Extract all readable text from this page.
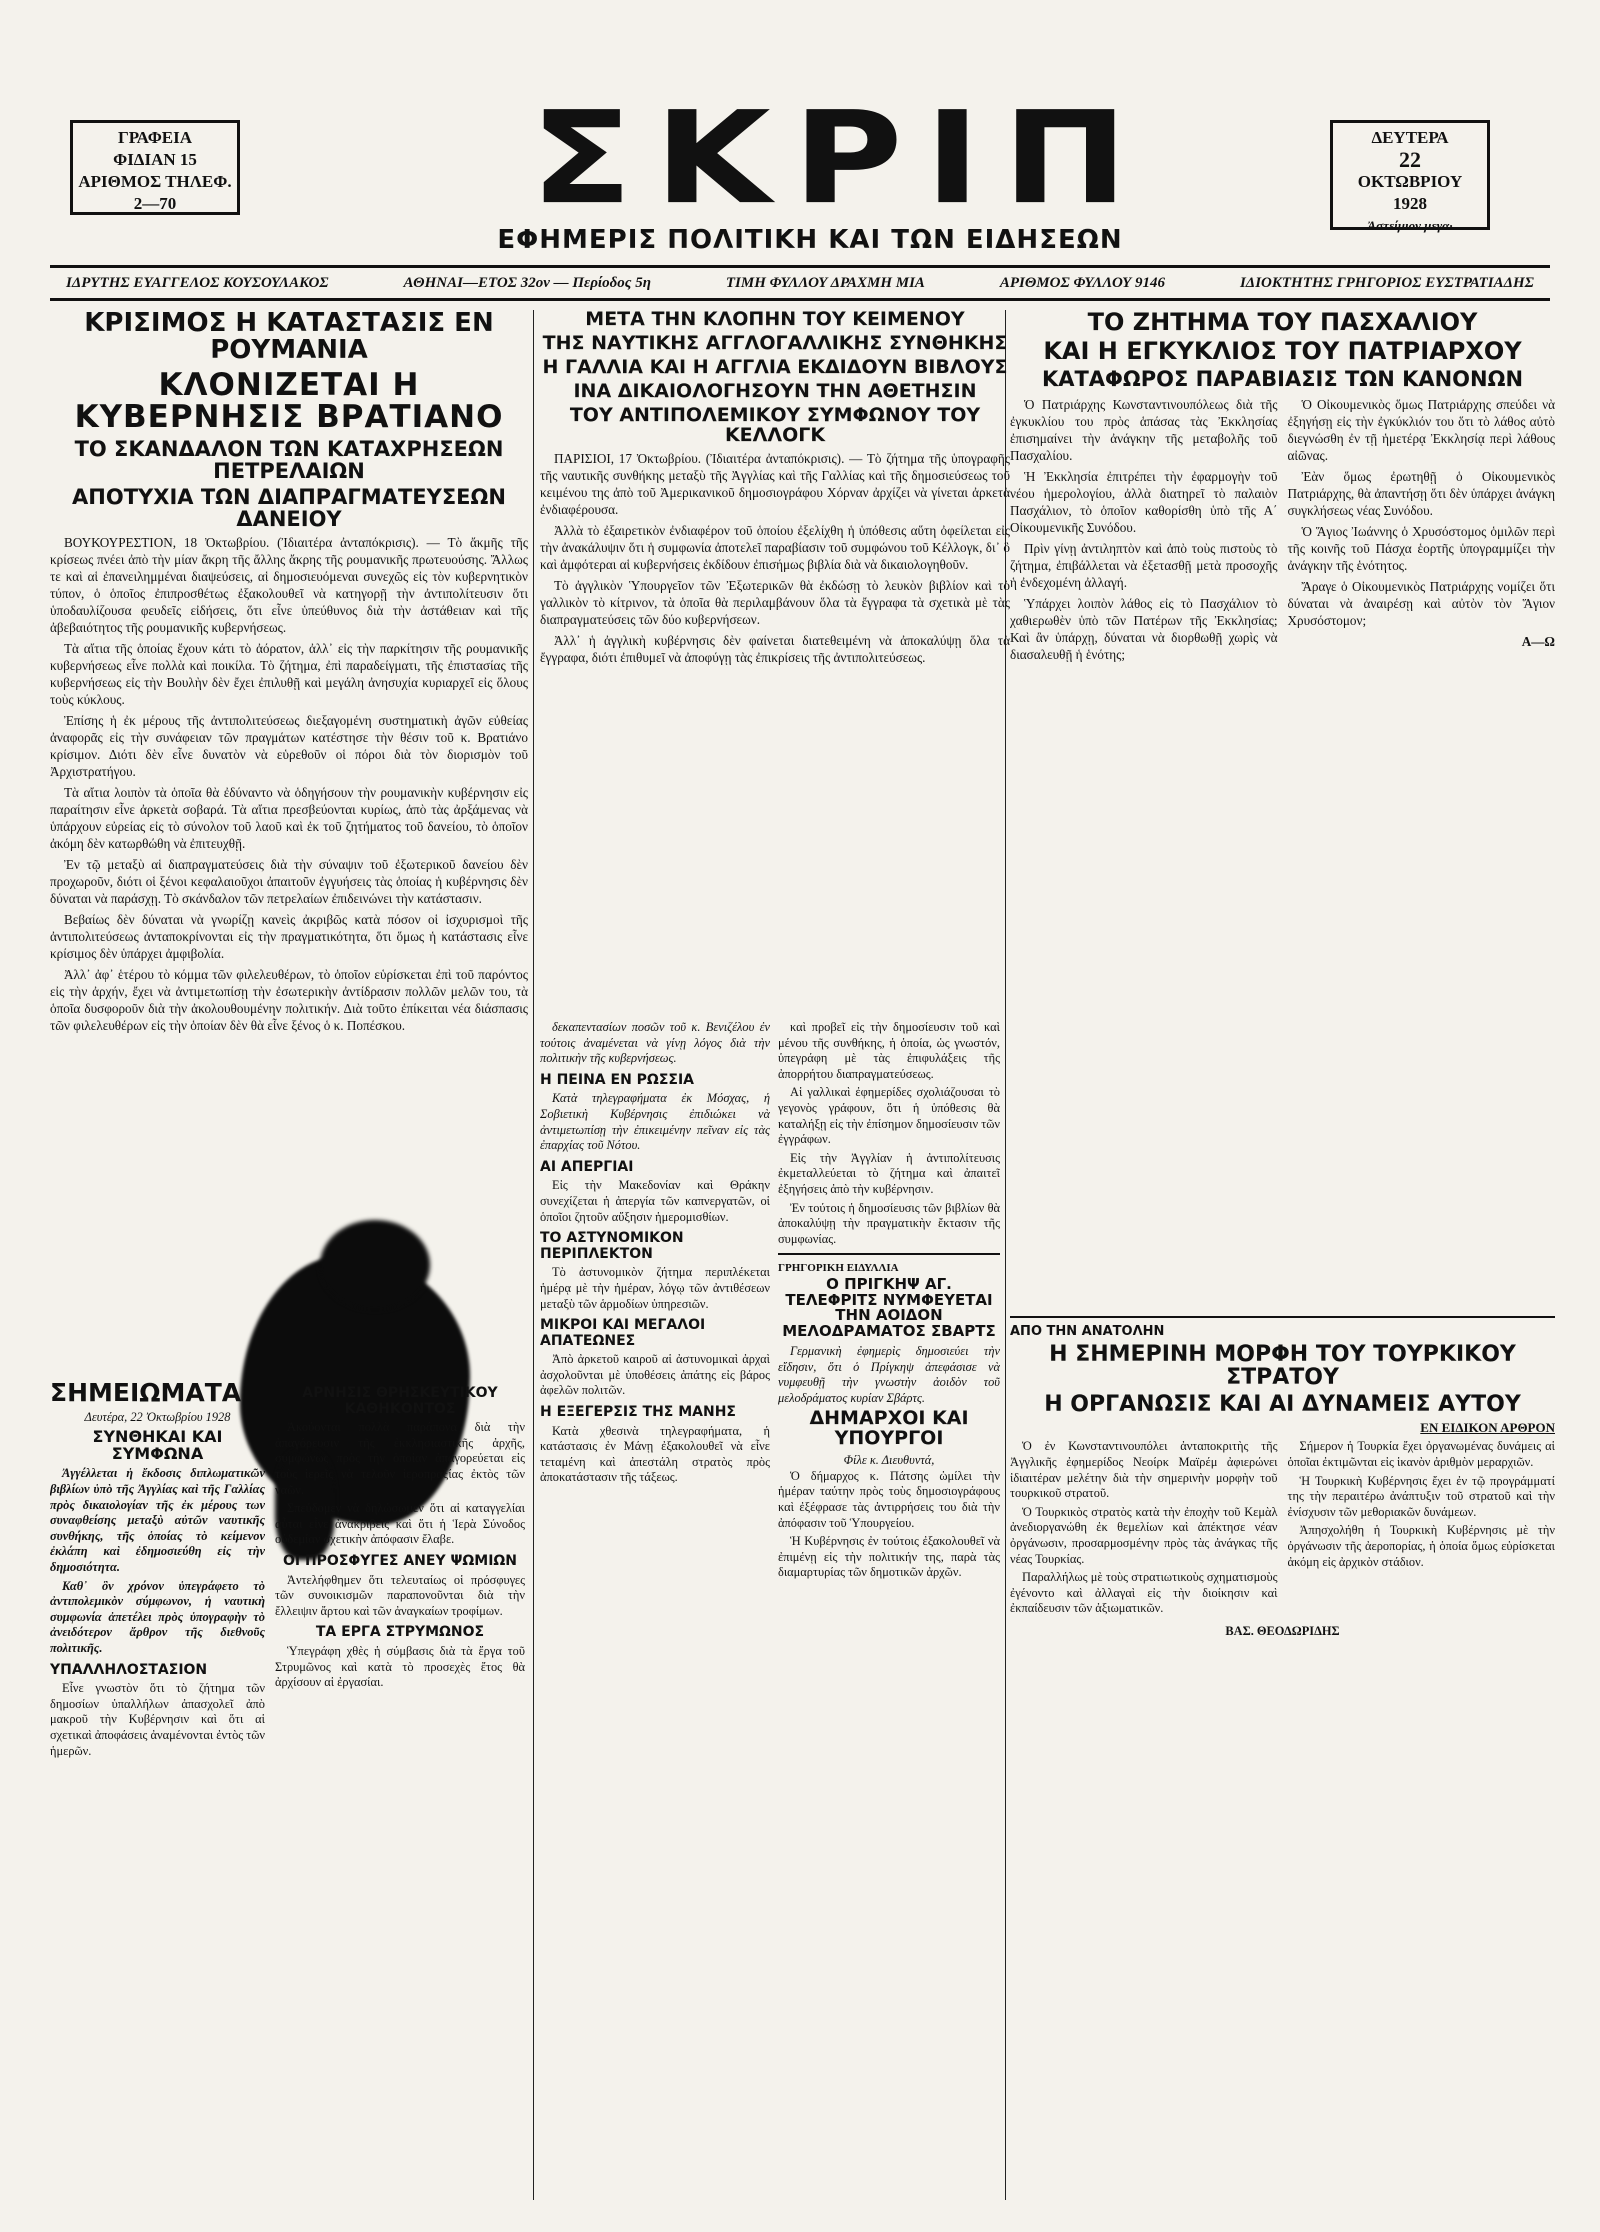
ΓΡΑΦΕΙΑ
ΦΙΔΙΑΝ 15
ΑΡΙΘΜΟΣ ΤΗΛΕΦ.
2—70	ΣΚΡΙΠ
ΕΦΗΜΕΡΙΣ ΠΟΛΙΤΙΚΗ ΚΑΙ ΤΩΝ ΕΙΔΗΣΕΩΝ
ΔΕΥΤΕΡΑ
22
ΟΚΤΩΒΡΙΟΥ
1928
Ἀστείμιον μεγα·
ΙΔΡΥΤΗΣ ΕΥΑΓΓΕΛΟΣ ΚΟΥΣΟΥΛΑΚΟΣ	ΑΘΗΝΑΙ—ΕΤΟΣ 32ον — Περίοδος 5η	ΤΙΜΗ ΦΥΛΛΟΥ ΔΡΑΧΜΗ ΜΙΑ	ΑΡΙΘΜΟΣ ΦΥΛΛΟΥ 9146	ΙΔΙΟΚΤΗΤΗΣ ΓΡΗΓΟΡΙΟΣ ΕΥΣΤΡΑΤΙΑΔΗΣ
ΚΡΙΣΙΜΟΣ Η ΚΑΤΑΣΤΑΣΙΣ ΕΝ ΡΟΥΜΑΝΙΑ
ΚΛΟΝΙΖΕΤΑΙ Η ΚΥΒΕΡΝΗΣΙΣ ΒΡΑΤΙΑΝΟ
ΤΟ ΣΚΑΝΔΑΛΟΝ ΤΩΝ ΚΑΤΑΧΡΗΣΕΩΝ ΠΕΤΡΕΛΑΙΩΝ
ΑΠΟΤΥΧΙΑ ΤΩΝ ΔΙΑΠΡΑΓΜΑΤΕΥΣΕΩΝ ΔΑΝΕΙΟΥ

ΒΟΥΚΟΥΡΕΣΤΙΟΝ, 18 Ὀκτωβρίου. (Ἰδιαιτέρα ἀνταπόκρισις). — Τὸ ἄκμῆς τῆς κρίσεως πνέει ἀπὸ τὴν μίαν ἄκρη τῆς ἄλλης ἄκρης τῆς ρουμανικῆς πρωτευούσης. Ἄλλως τε καὶ αἱ ἐπανειλημμέναι διαψεύσεις, αἱ δημοσιευόμεναι συνεχῶς εἰς τὸν κυβερνητικὸν τύπον, ὁ ὁποῖος ἐπιπροσθέτως ἐξακολουθεῖ νὰ κατηγορῇ τὴν ἀντιπολίτευσιν ὅτι ὑποδαυλίζουσα φευδεῖς εἰδήσεις, ὅτι εἶνε ὑπεύθυνος διὰ τὴν ἀστάθειαν καὶ τῆς ἀβεβαιότητος τῆς ρουμανικῆς κυβερνήσεως.

Τὰ αἴτια τῆς ὁποίας ἔχουν κάτι τὸ ἀόρατον, ἀλλ᾽ εἰς τὴν παρκίτησιν τῆς ρουμανικῆς κυβερνήσεως εἶνε πολλὰ καὶ ποικίλα. Τὸ ζήτημα, ἐπὶ παραδείγματι, τῆς ἐπιστασίας τῆς κυβερνήσεως εἰς τὴν Βουλὴν δὲν ἔχει ἐπιλυθῇ καὶ μεγάλη ἀνησυχία κυριαρχεῖ εἰς ὅλους τοὺς κύκλους.

Ἐπίσης ἡ ἐκ μέρους τῆς ἀντιπολιτεύσεως διεξαγομένη συστηματικὴ ἀγῶν εὐθείας ἀναφορᾶς εἰς τὴν συνάφειαν τῶν πραγμάτων κατέστησε τὴν θέσιν τοῦ κ. Βρατιάνο κρίσιμον. Διότι δὲν εἶνε δυνατὸν νὰ εὑρεθοῦν οἱ πόροι διὰ τὸν διορισμὸν τοῦ Ἀρχιστρατήγου.

Τὰ αἴτια λοιπὸν τὰ ὁποῖα θὰ ἐδύναντο νὰ ὁδηγήσουν τὴν ρουμανικὴν κυβέρνησιν εἰς παραίτησιν εἶνε ἀρκετὰ σοβαρά. Τὰ αἴτια πρεσβεύονται κυρίως, ἀπὸ τὰς ἀρξάμενας νὰ ὑπάρχουν εὐρείας εἰς τὸ σύνολον τοῦ λαοῦ καὶ ἐκ τοῦ ζητήματος τοῦ δανείου, τὸ ὁποῖον ἀκόμη δὲν κατωρθώθη νὰ ἐπιτευχθῇ.

Ἐν τῷ μεταξὺ αἱ διαπραγματεύσεις διὰ τὴν σύναψιν τοῦ ἐξωτερικοῦ δανείου δὲν προχωροῦν, διότι οἱ ξένοι κεφαλαιοῦχοι ἀπαιτοῦν ἐγγυήσεις τὰς ὁποίας ἡ κυβέρνησις δὲν δύναται νὰ παράσχῃ. Τὸ σκάνδαλον τῶν πετρελαίων ἐπιδεινώνει τὴν κατάστασιν.

Βεβαίως δὲν δύναται νὰ γνωρίζῃ κανεὶς ἀκριβῶς κατὰ πόσον οἱ ἰσχυρισμοὶ τῆς ἀντιπολιτεύσεως ἀνταποκρίνονται εἰς τὴν πραγματικότητα, ὅτι ὅμως ἡ κατάστασις εἶνε κρίσιμος δὲν ὑπάρχει ἀμφιβολία.

Ἀλλ᾽ ἀφ᾽ ἑτέρου τὸ κόμμα τῶν φιλελευθέρων, τὸ ὁποῖον εὑρίσκεται ἐπὶ τοῦ παρόντος εἰς τὴν ἀρχήν, ἔχει νὰ ἀντιμετωπίσῃ τὴν ἐσωτερικὴν ἀντίδρασιν πολλῶν μελῶν του, τὰ ὁποῖα δυσφοροῦν διὰ τὴν ἀκολουθουμένην πολιτικήν. Διὰ τοῦτο ἐπίκειται νέα διάσπασις τῶν φιλελευθέρων εἰς τὴν ὁποίαν δὲν θὰ εἶνε ξένος ὁ κ. Ποπέσκου.

ΣΗΜΕΙΩΜΑΤΑ
Δευτέρα, 22 Ὀκτωβρίου 1928
ΣΥΝΘΗΚΑΙ ΚΑΙ ΣΥΜΦΩΝΑ

Ἀγγέλλεται ἡ ἔκδοσις διπλωματικῶν βιβλίων ὑπὸ τῆς Ἀγγλίας καὶ τῆς Γαλλίας πρὸς δικαιολογίαν τῆς ἐκ μέρους των συναφθείσης μεταξὺ αὐτῶν ναυτικῆς συνθήκης, τῆς ὁποίας τὸ κείμενον ἐκλάπη καὶ ἐδημοσιεύθη εἰς τὴν δημοσιότητα.

Καθ᾽ ὃν χρόνον ὑπεγράφετο τὸ ἀντιπολεμικὸν σύμφωνον, ἡ ναυτικὴ συμφωνία ἀπετέλει πρὸς ὑπογραφὴν τὸ ἀνειδότερον ἄρθρον τῆς διεθνοῦς πολιτικῆς.

ΥΠΑΛΛΗΛΟΣΤΑΣΙΟΝ

Εἶνε γνωστὸν ὅτι τὸ ζήτημα τῶν δημοσίων ὑπαλλήλων ἀπασχολεῖ ἀπὸ μακροῦ τὴν Κυβέρνησιν καὶ ὅτι αἱ σχετικαὶ ἀποφάσεις ἀναμένονται ἐντὸς τῶν ἡμερῶν.

ΑΡΝΗΣΙΣ ΘΡΗΣΚΕΥΤΙΚΟΥ ΚΑΘΗΚΟΝΤΟΣ

Ἀκούονται πολλὰ παράπονα διὰ τὴν ἀπαγόρευσιν τῆς ἐκκλησιαστικῆς ἀρχῆς, συμφώνως πρὸς τὴν ὁποίαν ἀπαγορεύεται εἰς τοὺς ἱερεῖς νὰ τελοῦν ἱεροπραξίας ἐκτὸς τῶν ναῶν.

Σπεύδομεν νὰ δηλώσωμεν ὅτι αἱ καταγγελίαι αὗται εἶνε ἀνακριβεῖς καὶ ὅτι ἡ Ἱερὰ Σύνοδος οὐδεμίαν σχετικὴν ἀπόφασιν ἔλαβε.

ΟΙ ΠΡΟΣΦΥΓΕΣ ΑΝΕΥ ΨΩΜΙΩΝ

Ἀντελήφθημεν ὅτι τελευταίως οἱ πρόσφυγες τῶν συνοικισμῶν παραπονοῦνται διὰ τὴν ἔλλειψιν ἄρτου καὶ τῶν ἀναγκαίων τροφίμων.

ΤΑ ΕΡΓΑ ΣΤΡΥΜΩΝΟΣ

Ὑπεγράφη χθὲς ἡ σύμβασις διὰ τὰ ἔργα τοῦ Στρυμῶνος καὶ κατὰ τὸ προσεχὲς ἔτος θὰ ἀρχίσουν αἱ ἐργασίαι.

ΜΕΤΑ ΤΗΝ ΚΛΟΠΗΝ ΤΟΥ ΚΕΙΜΕΝΟΥ
ΤΗΣ ΝΑΥΤΙΚΗΣ ΑΓΓΛΟΓΑΛΛΙΚΗΣ ΣΥΝΘΗΚΗΣ
Η ΓΑΛΛΙΑ ΚΑΙ Η ΑΓΓΛΙΑ ΕΚΔΙΔΟΥΝ ΒΙΒΛΟΥΣ
ΙΝΑ ΔΙΚΑΙΟΛΟΓΗΣΟΥΝ ΤΗΝ ΑΘΕΤΗΣΙΝ
ΤΟΥ ΑΝΤΙΠΟΛΕΜΙΚΟΥ ΣΥΜΦΩΝΟΥ ΤΟΥ ΚΕΛΛΟΓΚ

ΠΑΡΙΣΙΟΙ, 17 Ὀκτωβρίου. (Ἰδιαιτέρα ἀνταπόκρισις). — Τὸ ζήτημα τῆς ὑπογραφῆς τῆς ναυτικῆς συνθήκης μεταξὺ τῆς Ἀγγλίας καὶ τῆς Γαλλίας καὶ τῆς δημοσιεύσεως τοῦ κειμένου της ἀπὸ τοῦ Ἀμερικανικοῦ δημοσιογράφου Χόρναν ἀρχίζει νὰ γίνεται ἀρκετὰ ἐνδιαφέρουσα.

Ἀλλὰ τὸ ἐξαιρετικὸν ἐνδιαφέρον τοῦ ὁποίου ἐξελίχθη ἡ ὑπόθεσις αὕτη ὀφείλεται εἰς τὴν ἀνακάλυψιν ὅτι ἡ συμφωνία ἀποτελεῖ παραβίασιν τοῦ συμφώνου τοῦ Κέλλογκ, δι᾽ ὃ καὶ ἀμφότεραι αἱ κυβερνήσεις ἐκδίδουν ἐπισήμως βιβλία διὰ νὰ δικαιολογηθοῦν.

Τὸ ἀγγλικὸν Ὑπουργεῖον τῶν Ἐξωτερικῶν θὰ ἐκδώσῃ τὸ λευκὸν βιβλίον καὶ τὸ γαλλικὸν τὸ κίτρινον, τὰ ὁποῖα θὰ περιλαμβάνουν ὅλα τὰ ἔγγραφα τὰ σχετικὰ μὲ τὰς διαπραγματεύσεις τῶν δύο κυβερνήσεων.

Ἀλλ᾽ ἡ ἀγγλικὴ κυβέρνησις δὲν φαίνεται διατεθειμένη νὰ ἀποκαλύψῃ ὅλα τὰ ἔγγραφα, διότι ἐπιθυμεῖ νὰ ἀποφύγῃ τὰς ἐπικρίσεις τῆς ἀντιπολιτεύσεως.

δεκαπεντασίων ποσῶν τοῦ κ. Βενιζέλου ἐν τούτοις ἀναμένεται νὰ γίνῃ λόγος διὰ τὴν πολιτικὴν τῆς κυβερνήσεως.

Η ΠΕΙΝΑ ΕΝ ΡΩΣΣΙΑ

Κατὰ τηλεγραφήματα ἐκ Μόσχας, ἡ Σοβιετικὴ Κυβέρνησις ἐπιδιώκει νὰ ἀντιμετωπίσῃ τὴν ἐπικειμένην πεῖναν εἰς τὰς ἐπαρχίας τοῦ Νότου.

ΑΙ ΑΠΕΡΓΙΑΙ

Εἰς τὴν Μακεδονίαν καὶ Θράκην συνεχίζεται ἡ ἀπεργία τῶν καπνεργατῶν, οἱ ὁποῖοι ζητοῦν αὔξησιν ἡμερομισθίων.

ΤΟ ΑΣΤΥΝΟΜΙΚΟΝ ΠΕΡΙΠΛΕΚΤΟΝ

Τὸ ἀστυνομικὸν ζήτημα περιπλέκεται ἡμέρᾳ μὲ τὴν ἡμέραν, λόγῳ τῶν ἀντιθέσεων μεταξὺ τῶν ἁρμοδίων ὑπηρεσιῶν.

ΜΙΚΡΟΙ ΚΑΙ ΜΕΓΑΛΟΙ ΑΠΑΤΕΩΝΕΣ

Ἀπὸ ἀρκετοῦ καιροῦ αἱ ἀστυνομικαὶ ἀρχαὶ ἀσχολοῦνται μὲ ὑποθέσεις ἀπάτης εἰς βάρος ἀφελῶν πολιτῶν.

Η ΕΞΕΓΕΡΣΙΣ ΤΗΣ ΜΑΝΗΣ

Κατὰ χθεσινὰ τηλεγραφήματα, ἡ κατάστασις ἐν Μάνῃ ἐξακολουθεῖ νὰ εἶνε τεταμένη καὶ ἀπεστάλη στρατὸς πρὸς ἀποκατάστασιν τῆς τάξεως.

καὶ προβεῖ εἰς τὴν δημοσίευσιν τοῦ καὶ μένου τῆς συνθήκης, ἡ ὁποία, ὡς γνωστόν, ὑπεγράφη μὲ τὰς ἐπιφυλάξεις τῆς ἀπορρήτου διαπραγματεύσεως.

Αἱ γαλλικαὶ ἐφημερίδες σχολιάζουσαι τὸ γεγονὸς γράφουν, ὅτι ἡ ὑπόθεσις θὰ καταλήξῃ εἰς τὴν ἐπίσημον δημοσίευσιν τῶν ἐγγράφων.

Εἰς τὴν Ἀγγλίαν ἡ ἀντιπολίτευσις ἐκμεταλλεύεται τὸ ζήτημα καὶ ἀπαιτεῖ ἐξηγήσεις ἀπὸ τὴν κυβέρνησιν.

Ἐν τούτοις ἡ δημοσίευσις τῶν βιβλίων θὰ ἀποκαλύψῃ τὴν πραγματικὴν ἔκτασιν τῆς συμφωνίας.

ΓΡΗΓΟΡΙΚΗ ΕΙΔΥΛΛΙΑ
Ο ΠΡΙΓΚΗΨ ΑΓ. ΤΕΛΕΦΡΙΤΣ ΝΥΜΦΕΥΕΤΑΙ ΤΗΝ ΑΟΙΔΟΝ ΜΕΛΟΔΡΑΜΑΤΟΣ ΣΒΑΡΤΣ

Γερμανικὴ ἐφημερὶς δημοσιεύει τὴν εἴδησιν, ὅτι ὁ Πρίγκηψ ἀπεφάσισε νὰ νυμφευθῇ τὴν γνωστὴν ἀοιδὸν τοῦ μελοδράματος κυρίαν Σβάρτς.

ΔΗΜΑΡΧΟΙ ΚΑΙ ΥΠΟΥΡΓΟΙ
Φίλε κ. Διευθυντά,

Ὁ δήμαρχος κ. Πάτσης ὡμίλει τὴν ἡμέραν ταύτην πρὸς τοὺς δημοσιογράφους καὶ ἐξέφρασε τὰς ἀντιρρήσεις του διὰ τὴν ἀπόφασιν τοῦ Ὑπουργείου.

Ἡ Κυβέρνησις ἐν τούτοις ἐξακολουθεῖ νὰ ἐπιμένῃ εἰς τὴν πολιτικήν της, παρὰ τὰς διαμαρτυρίας τῶν δημοτικῶν ἀρχῶν.

ΤΟ ΖΗΤΗΜΑ ΤΟΥ ΠΑΣΧΑΛΙΟΥ
ΚΑΙ Η ΕΓΚΥΚΛΙΟΣ ΤΟΥ ΠΑΤΡΙΑΡΧΟΥ
ΚΑΤΑΦΩΡΟΣ ΠΑΡΑΒΙΑΣΙΣ ΤΩΝ ΚΑΝΟΝΩΝ

Ὁ Πατριάρχης Κωνσταντινουπόλεως διὰ τῆς ἐγκυκλίου του πρὸς ἁπάσας τὰς Ἐκκλησίας ἐπισημαίνει τὴν ἀνάγκην τῆς μεταβολῆς τοῦ Πασχαλίου.

Ἡ Ἐκκλησία ἐπιτρέπει τὴν ἐφαρμογὴν τοῦ νέου ἡμερολογίου, ἀλλὰ διατηρεῖ τὸ παλαιὸν Πασχάλιον, τὸ ὁποῖον καθορίσθη ὑπὸ τῆς Α΄ Οἰκουμενικῆς Συνόδου.

Πρὶν γίνῃ ἀντιληπτὸν καὶ ἀπὸ τοὺς πιστοὺς τὸ ζήτημα, ἐπιβάλλεται νὰ ἐξετασθῇ μετὰ προσοχῆς ἡ ἐνδεχομένη ἀλλαγή.

Ὑπάρχει λοιπὸν λάθος εἰς τὸ Πασχάλιον τὸ χαθιερωθὲν ὑπὸ τῶν Πατέρων τῆς Ἐκκλησίας; Καὶ ἂν ὑπάρχῃ, δύναται νὰ διορθωθῇ χωρὶς νὰ διασαλευθῇ ἡ ἑνότης;

Ὁ Οἰκουμενικὸς ὅμως Πατριάρχης σπεύδει νὰ ἐξηγήσῃ εἰς τὴν ἐγκύκλιόν του ὅτι τὸ λάθος αὐτὸ διεγνώσθη ἐν τῇ ἡμετέρᾳ Ἐκκλησίᾳ περὶ λάθους αἰῶνας.

Ἐὰν ὅμως ἐρωτηθῇ ὁ Οἰκουμενικὸς Πατριάρχης, θὰ ἀπαντήσῃ ὅτι δὲν ὑπάρχει ἀνάγκη συγκλήσεως νέας Συνόδου.

Ὁ Ἅγιος Ἰωάννης ὁ Χρυσόστομος ὁμιλῶν περὶ τῆς κοινῆς τοῦ Πάσχα ἑορτῆς ὑπογραμμίζει τὴν ἀνάγκην τῆς ἑνότητος.

Ἄραγε ὁ Οἰκουμενικὸς Πατριάρχης νομίζει ὅτι δύναται νὰ ἀναιρέσῃ καὶ αὐτὸν τὸν Ἅγιον Χρυσόστομον;

Α—Ω
ΑΠΟ ΤΗΝ ΑΝΑΤΟΛΗΝ
Η ΣΗΜΕΡΙΝΗ ΜΟΡΦΗ ΤΟΥ ΤΟΥΡΚΙΚΟΥ ΣΤΡΑΤΟΥ
Η ΟΡΓΑΝΩΣΙΣ ΚΑΙ ΑΙ ΔΥΝΑΜΕΙΣ ΑΥΤΟΥ
ΕΝ ΕΙΔΙΚΟΝ ΑΡΘΡΟΝ

Ὁ ἐν Κωνσταντινουπόλει ἀνταποκριτὴς τῆς Ἀγγλικῆς ἐφημερίδος Νεοίρκ Μαϊρέμ ἀφιερώνει ἰδιαιτέραν μελέτην διὰ τὴν σημερινὴν μορφὴν τοῦ τουρκικοῦ στρατοῦ.

Ὁ Τουρκικὸς στρατὸς κατὰ τὴν ἐποχὴν τοῦ Κεμὰλ ἀνεδιοργανώθη ἐκ θεμελίων καὶ ἀπέκτησε νέαν ὀργάνωσιν, προσαρμοσμένην πρὸς τὰς ἀνάγκας τῆς νέας Τουρκίας.

Παραλλήλως μὲ τοὺς στρατιωτικοὺς σχηματισμοὺς ἐγένοντο καὶ ἀλλαγαὶ εἰς τὴν διοίκησιν καὶ ἐκπαίδευσιν τῶν ἀξιωματικῶν.

Σήμερον ἡ Τουρκία ἔχει ὀργανωμένας δυνάμεις αἱ ὁποῖαι ἐκτιμῶνται εἰς ἱκανὸν ἀριθμὸν μεραρχιῶν.

Ἡ Τουρκικὴ Κυβέρνησις ἔχει ἐν τῷ προγράμματί της τὴν περαιτέρω ἀνάπτυξιν τοῦ στρατοῦ καὶ τὴν ἐνίσχυσιν τῶν μεθοριακῶν δυνάμεων.

Ἀπησχολήθη ἡ Τουρκικὴ Κυβέρνησις μὲ τὴν ὀργάνωσιν τῆς ἀεροπορίας, ἡ ὁποία ὅμως εὑρίσκεται ἀκόμη εἰς ἀρχικὸν στάδιον.

ΒΑΣ. ΘΕΟΔΩΡΙΔΗΣ
